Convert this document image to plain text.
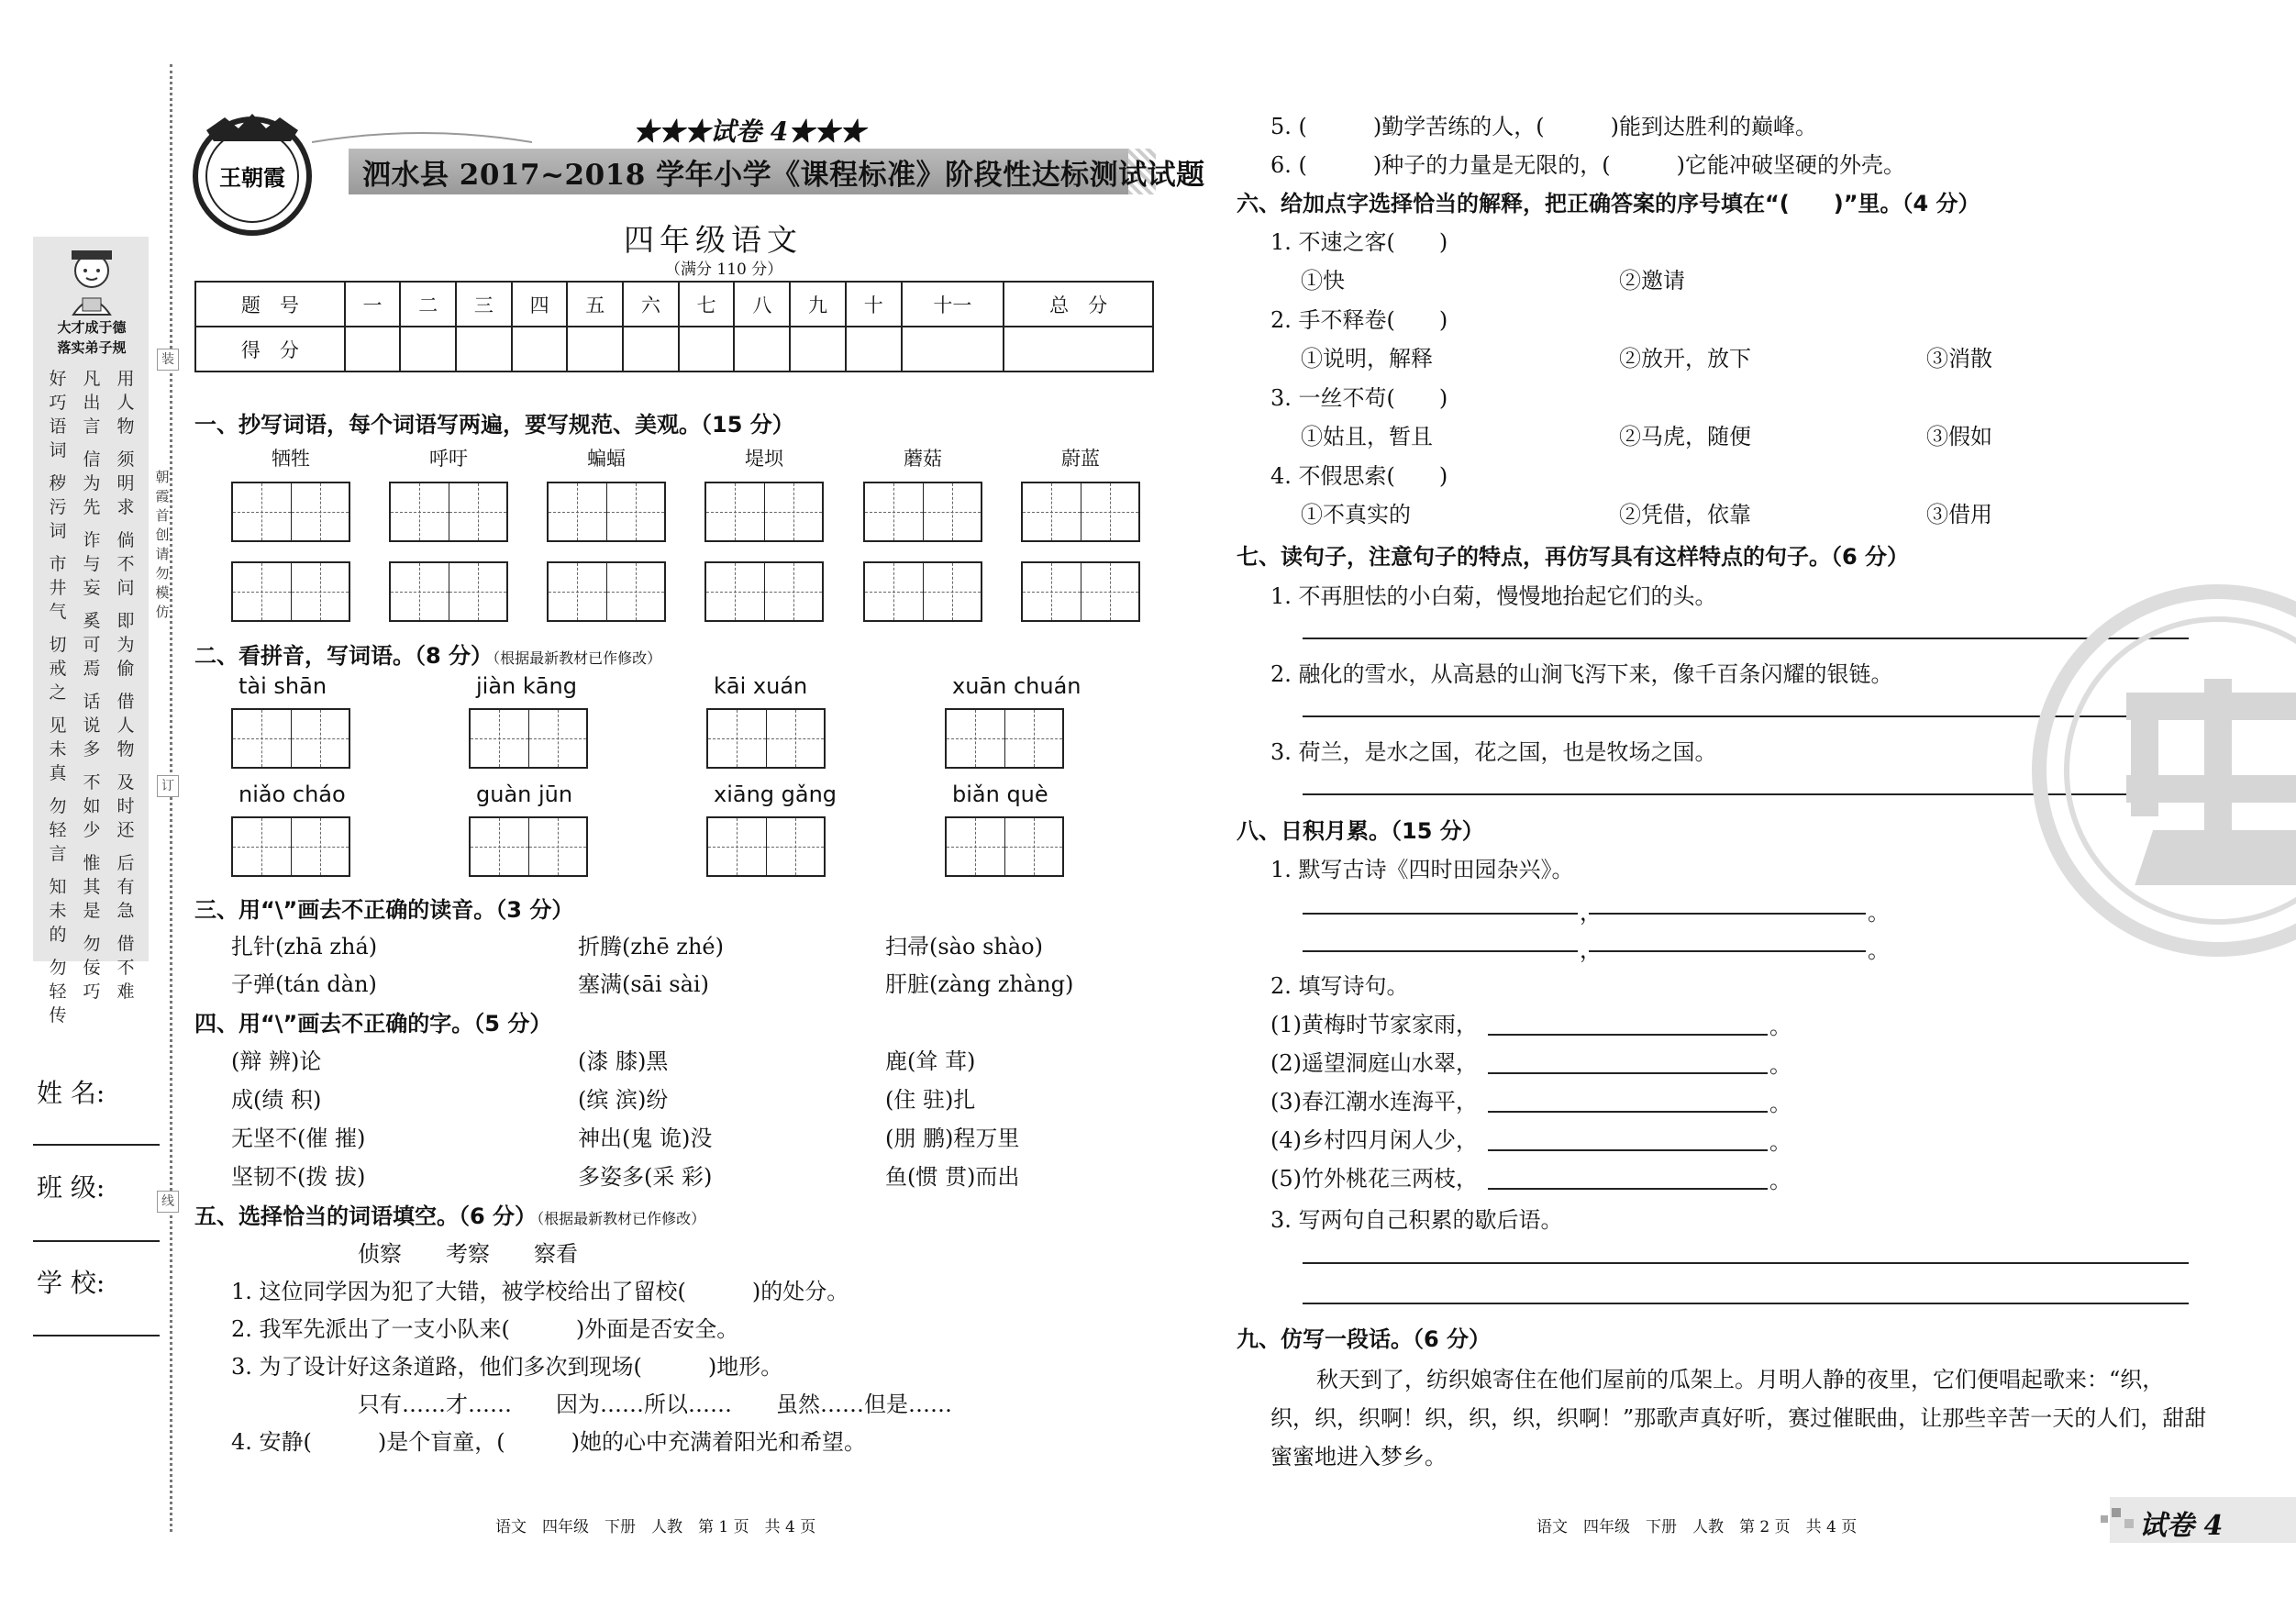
大才成于德
落实弟子规
好巧语词
秽污词
市井气
切戒之
见未真
勿轻言
知未的
勿轻传
凡出言
信为先
诈与妄
奚可焉
话说多
不如少
惟其是
勿佞巧
用人物
须明求
倘不问
即为偷
借人物
及时还
后有急
借不难
朝霞首创　请勿模仿
装
订
线
姓 名:
班 级:
学 校:
王朝霞
★★★试卷 4★★★
泗水县 2017~2018 学年小学《课程标准》阶段性达标测试试题
四年级语文
（满分 110 分）
题　号	一	二	三	四	五	六	七	八	九	十	十一	总　分
得　分												
一、抄写词语，每个词语写两遍，要写规范、美观。（15 分）
牺牲	呼吁	蝙蝠	堤坝	蘑菇	蔚蓝
二、看拼音，写词语。（8 分）（根据最新教材已作修改）
tài shān	jiàn kāng	kāi xuán	xuān chuán
niǎo cháo	guàn jūn	xiāng gǎng	biǎn què
三、用“\”画去不正确的读音。（3 分）
扎针(zhā zhá)	折腾(zhē zhé)	扫帚(sào shào)
子弹(tán dàn)	塞满(sāi sài)	肝脏(zàng zhàng)
四、用“\”画去不正确的字。（5 分）
(辩 辨)论	(漆 膝)黑	鹿(耸 茸)
成(绩 积)	(缤 滨)纷	(住 驻)扎
无坚不(催 摧)	神出(鬼 诡)没	(朋 鹏)程万里
坚韧不(拨 拔)	多姿多(采 彩)	鱼(惯 贯)而出
五、选择恰当的词语填空。（6 分）（根据最新教材已作修改）
侦察　　考察　　察看
1. 这位同学因为犯了大错，被学校给出了留校(　　　)的处分。
2. 我军先派出了一支小队来(　　　)外面是否安全。
3. 为了设计好这条道路，他们多次到现场(　　　)地形。
只有……才……　　因为……所以……　　虽然……但是……
4. 安静(　　　)是个盲童，(　　　)她的心中充满着阳光和希望。
语文　四年级　下册　人教　第 1 页　共 4 页
5. (　　　)勤学苦练的人，(　　　)能到达胜利的巅峰。
6. (　　　)种子的力量是无限的，(　　　)它能冲破坚硬的外壳。
六、给加点字选择恰当的解释，把正确答案的序号填在“(　　)”里。（4 分）
1. 不速之客(　　)
①快	②邀请
2. 手不释卷(　　)
①说明，解释	②放开，放下	③消散
3. 一丝不苟(　　)
①姑且，暂且	②马虎，随便	③假如
4. 不假思索(　　)
①不真实的	②凭借，依靠	③借用
七、读句子，注意句子的特点，再仿写具有这样特点的句子。（6 分）
1. 不再胆怯的小白菊，慢慢地抬起它们的头。
2. 融化的雪水，从高悬的山涧飞泻下来，像千百条闪耀的银链。
3. 荷兰，是水之国，花之国，也是牧场之国。
八、日积月累。（15 分）
1. 默写古诗《四时田园杂兴》。
，	。
，	。
2. 填写诗句。
(1)黄梅时节家家雨，	。
(2)遥望洞庭山水翠，	。
(3)春江潮水连海平，	。
(4)乡村四月闲人少，	。
(5)竹外桃花三两枝，	。
3. 写两句自己积累的歇后语。
九、仿写一段话。（6 分）
秋天到了，纺织娘寄住在他们屋前的瓜架上。月明人静的夜里，它们便唱起歌来：“织，
织，织，织啊！织，织，织，织啊！”那歌声真好听，赛过催眠曲，让那些辛苦一天的人们，甜甜
蜜蜜地进入梦乡。
语文　四年级　下册　人教　第 2 页　共 4 页	试卷 4
